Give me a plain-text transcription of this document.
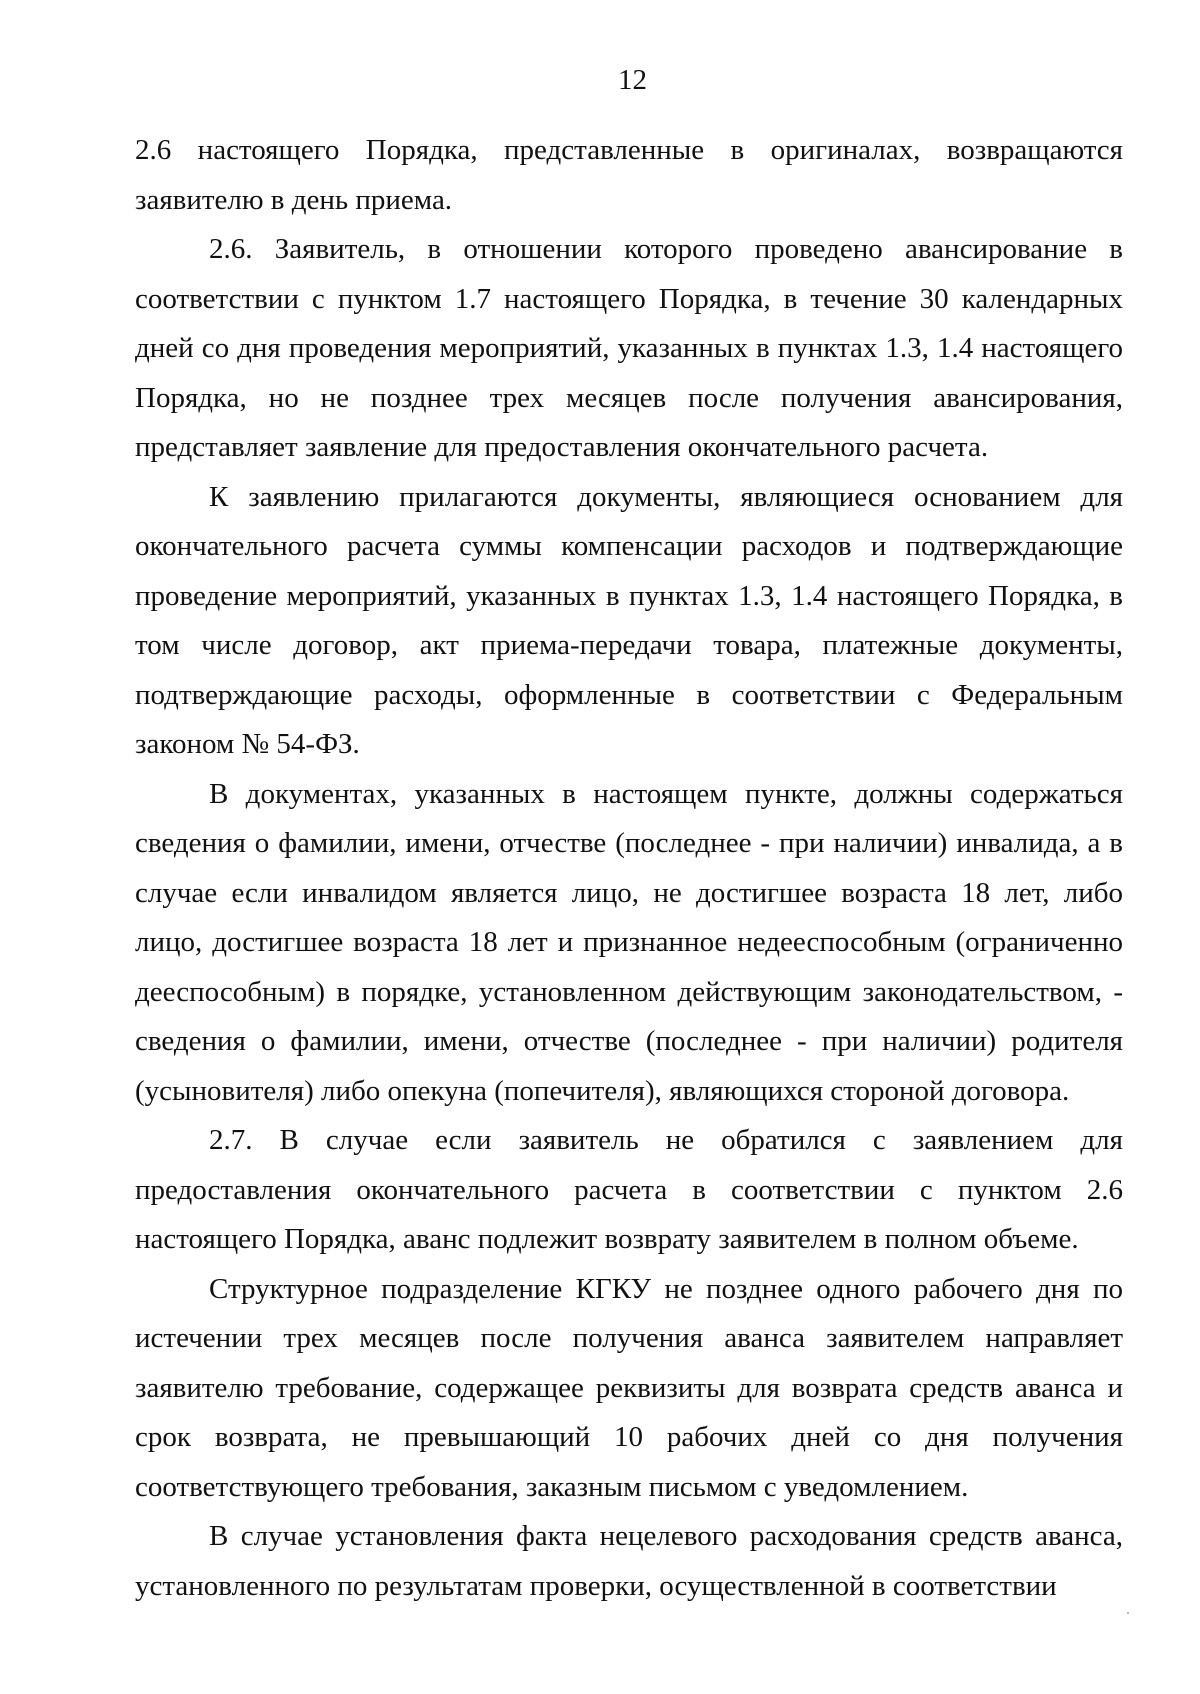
12

2.6 настоящего Порядка, представленные в оригиналах, возвращаются заявителю в день приема.

2.6. Заявитель, в отношении которого проведено авансирование в соответствии с пунктом 1.7 настоящего Порядка, в течение 30 календарных дней со дня проведения мероприятий, указанных в пунктах 1.3, 1.4 настоящего Порядка, но не позднее трех месяцев после получения авансирования, представляет заявление для предоставления окончательного расчета.

К заявлению прилагаются документы, являющиеся основанием для окончательного расчета суммы компенсации расходов и подтверждающие проведение мероприятий, указанных в пунктах 1.3, 1.4 настоящего Порядка, в том числе договор, акт приема-передачи товара, платежные документы, подтверждающие расходы, оформленные в соответствии с Федеральным законом № 54-ФЗ.

В документах, указанных в настоящем пункте, должны содержаться сведения о фамилии, имени, отчестве (последнее - при наличии) инвалида, а в случае если инвалидом является лицо, не достигшее возраста 18 лет, либо лицо, достигшее возраста 18 лет и признанное недееспособным (ограниченно дееспособным) в порядке, установленном действующим законодательством, - сведения о фамилии, имени, отчестве (последнее - при наличии) родителя (усыновителя) либо опекуна (попечителя), являющихся стороной договора.

2.7. В случае если заявитель не обратился с заявлением для предоставления окончательного расчета в соответствии с пунктом 2.6 настоящего Порядка, аванс подлежит возврату заявителем в полном объеме.

Структурное подразделение КГКУ не позднее одного рабочего дня по истечении трех месяцев после получения аванса заявителем направляет заявителю требование, содержащее реквизиты для возврата средств аванса и срок возврата, не превышающий 10 рабочих дней со дня получения соответствующего требования, заказным письмом с уведомлением.

В случае установления факта нецелевого расходования средств аванса, установленного по результатам проверки, осуществленной в соответствии
